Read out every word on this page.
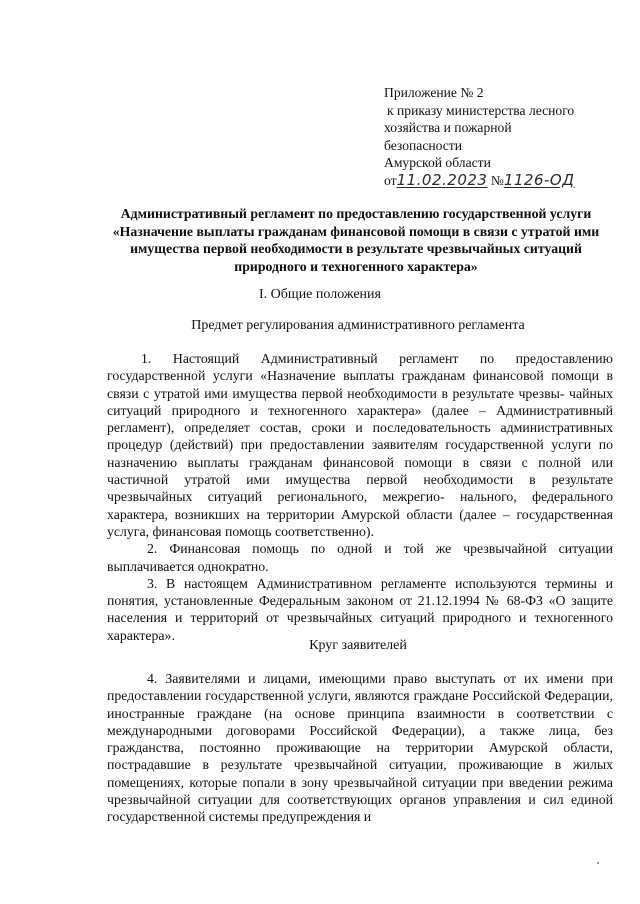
Приложение № 2
к приказу министерства лесного
хозяйства и пожарной
безопасности
Амурской области
от11.02.2023 №1126-ОД
Административный регламент по предоставлению государственной услуги «Назначение выплаты гражданам финансовой помощи в связи с утратой ими имущества первой необходимости в результате чрезвычайных ситуаций природного и техногенного характера»
I. Общие положения
Предмет регулирования административного регламента

1. Настоящий Административный регламент по предоставлению государственной услуги «Назначение выплаты гражданам финансовой помощи в связи с утратой ими имущества первой необходимости в результате чрезвы- чайных ситуаций природного и техногенного характера» (далее – Административный регламент), определяет состав, сроки и последовательность административных процедур (действий) при предоставлении заявителям государственной услуги по назначению выплаты гражданам финансовой помощи в связи с полной или частичной утратой ими имущества первой необходимости в результате чрезвычайных ситуаций регионального, межрегио- нального, федерального характера, возникших на территории Амурской области (далее – государственная услуга, финансовая помощь соответственно).

2. Финансовая помощь по одной и той же чрезвычайной ситуации выплачивается однократно.

3. В настоящем Административном регламенте используются термины и понятия, установленные Федеральным законом от 21.12.1994 № 68-ФЗ «О защите населения и территорий от чрезвычайных ситуаций природного и техногенного характера».

Круг заявителей

4. Заявителями и лицами, имеющими право выступать от их имени при предоставлении государственной услуги, являются граждане Российской Федерации, иностранные граждане (на основе принципа взаимности в соответствии с международными договорами Российской Федерации), а также лица, без гражданства, постоянно проживающие на территории Амурской области, пострадавшие в результате чрезвычайной ситуации, проживающие в жилых помещениях, которые попали в зону чрезвычайной ситуации при введении режима чрезвычайной ситуации для соответствующих органов управления и сил единой государственной системы предупреждения и
